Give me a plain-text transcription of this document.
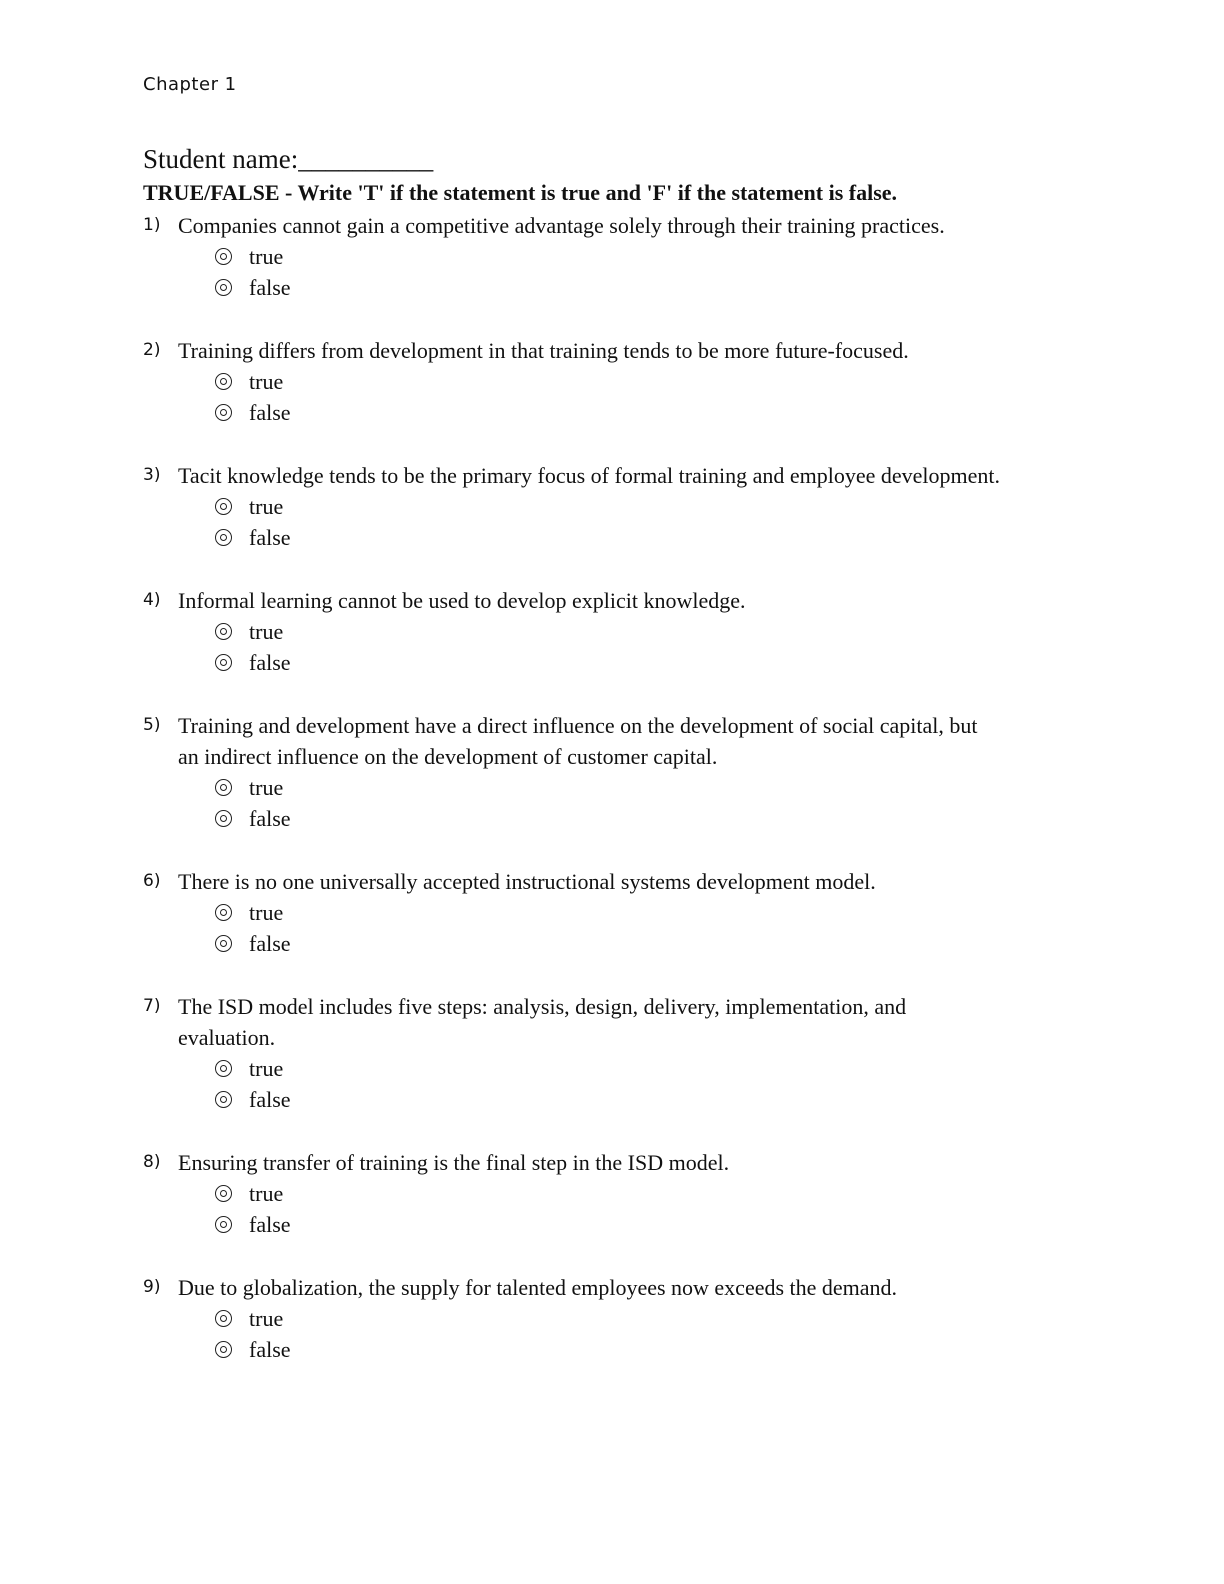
Chapter 1
Student name:__________
TRUE/FALSE - Write 'T' if the statement is true and 'F' if the statement is false.
1) Companies cannot gain a competitive advantage solely through their training practices.
true
false
2) Training differs from development in that training tends to be more future-focused.
true
false
3) Tacit knowledge tends to be the primary focus of formal training and employee development.
true
false
4) Informal learning cannot be used to develop explicit knowledge.
true
false
5) Training and development have a direct influence on the development of social capital, but
an indirect influence on the development of customer capital.
true
false
6) There is no one universally accepted instructional systems development model.
true
false
7) The ISD model includes five steps: analysis, design, delivery, implementation, and
evaluation.
true
false
8) Ensuring transfer of training is the final step in the ISD model.
true
false
9) Due to globalization, the supply for talented employees now exceeds the demand.
true
false
